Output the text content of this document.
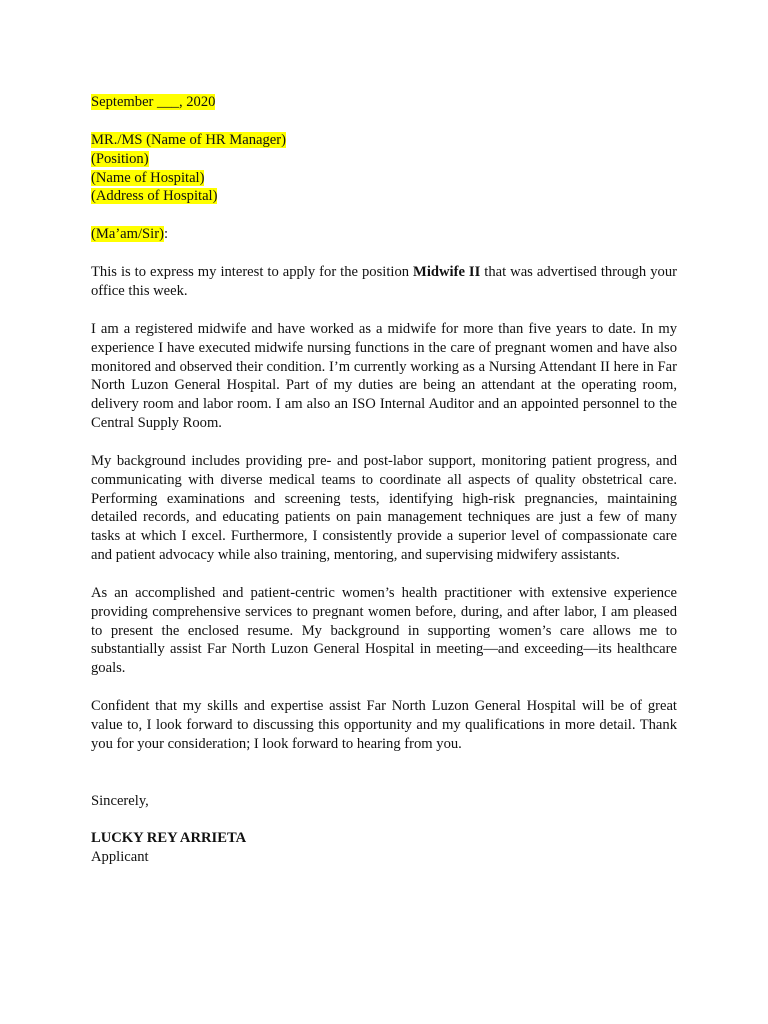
September ___, 2020
MR./MS (Name of HR Manager)
(Position)
(Name of Hospital)
(Address of Hospital)
(Ma’am/Sir):

This is to express my interest to apply for the position Midwife II that was advertised through your office this week.

I am a registered midwife and have worked as a midwife for more than five years to date. In my experience I have executed midwife nursing functions in the care of pregnant women and have also monitored and observed their condition. I’m currently working as a Nursing Attendant II here in Far North Luzon General Hospital. Part of my duties are being an attendant at the operating room, delivery room and labor room. I am also an ISO Internal Auditor and an appointed personnel to the Central Supply Room.

My background includes providing pre- and post-labor support, monitoring patient progress, and communicating with diverse medical teams to coordinate all aspects of quality obstetrical care. Performing examinations and screening tests, identifying high-risk pregnancies, maintaining detailed records, and educating patients on pain management techniques are just a few of many tasks at which I excel. Furthermore, I consistently provide a superior level of compassionate care and patient advocacy while also training, mentoring, and supervising midwifery assistants.

As an accomplished and patient-centric women’s health practitioner with extensive experience providing comprehensive services to pregnant women before, during, and after labor, I am pleased to present the enclosed resume. My background in supporting women’s care allows me to substantially assist Far North Luzon General Hospital in meeting—and exceeding—its healthcare goals.

Confident that my skills and expertise assist Far North Luzon General Hospital will be of great value to, I look forward to discussing this opportunity and my qualifications in more detail. Thank you for your consideration; I look forward to hearing from you.

Sincerely,
LUCKY REY ARRIETA
Applicant
